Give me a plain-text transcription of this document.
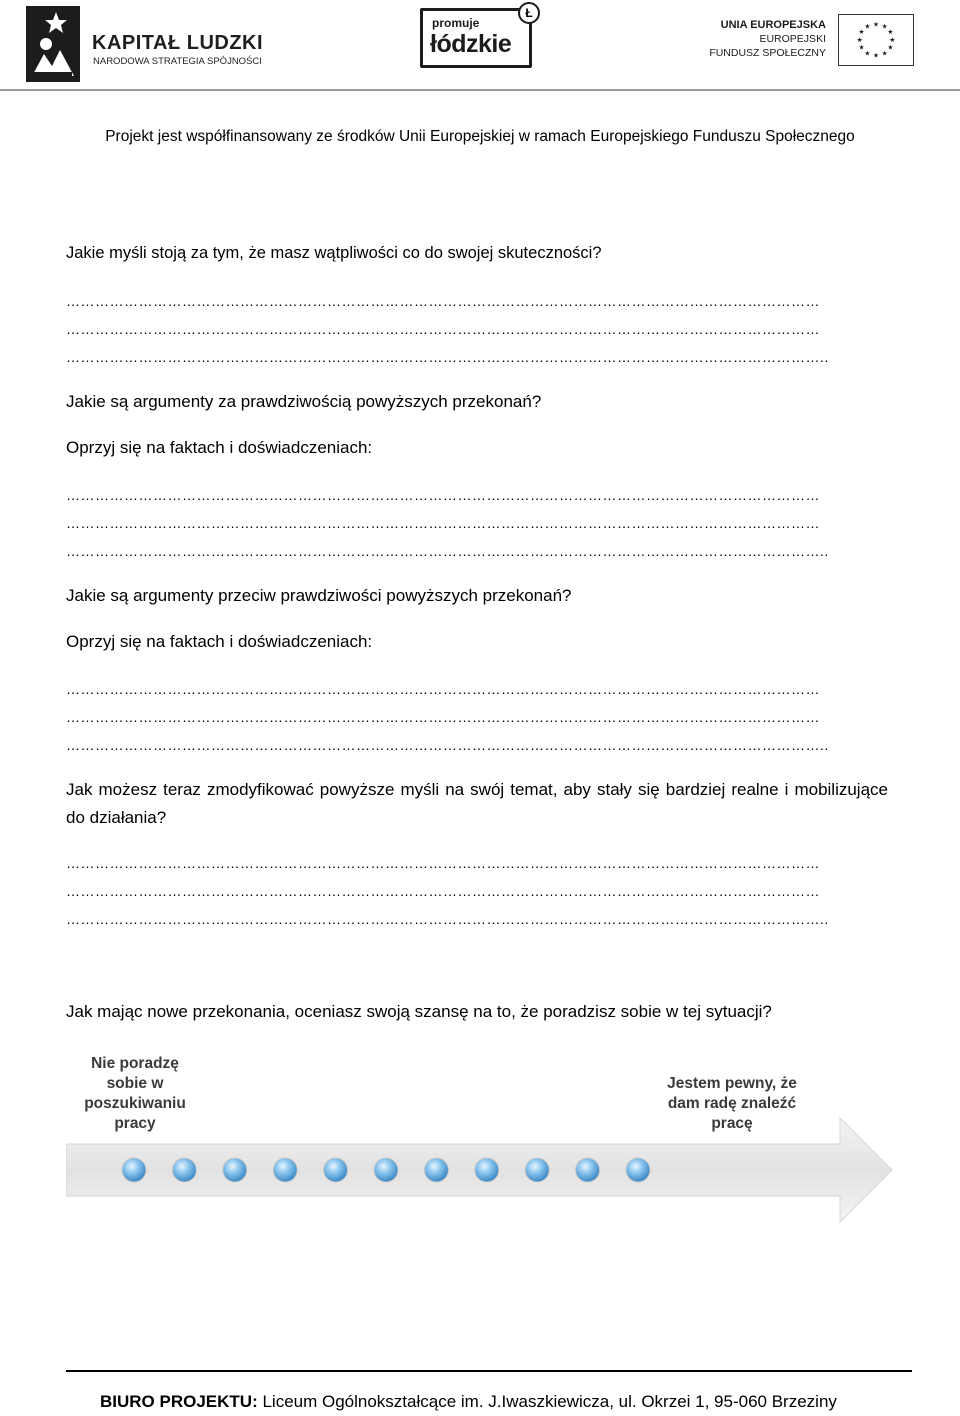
KAPITAŁ LUDZKI
NARODOWA STRATEGIA SPÓJNOŚCI
promuje
łódzkie
Ł
UNIA EUROPEJSKA
EUROPEJSKI
FUNDUSZ SPOŁECZNY
★ ★
★
★
★
★
★
★
★
★
★
★
Projekt jest współfinansowany ze środków Unii Europejskiej w ramach Europejskiego Funduszu Społecznego
Jakie myśli stoją za tym, że masz wątpliwości co do swojej skuteczności?
…………………………………………………………………………………………………………………………………………
…………………………………………………………………………………………………………………………………………
…………………………………………………………………………………………………………………………………………..
Jakie są argumenty za prawdziwością powyższych przekonań?
Oprzyj się na faktach i doświadczeniach:
…………………………………………………………………………………………………………………………………………
…………………………………………………………………………………………………………………………………………
…………………………………………………………………………………………………………………………………………..
Jakie są argumenty przeciw prawdziwości powyższych przekonań?
Oprzyj się na faktach i doświadczeniach:
…………………………………………………………………………………………………………………………………………
…………………………………………………………………………………………………………………………………………
…………………………………………………………………………………………………………………………………………..
Jak możesz teraz zmodyfikować powyższe myśli na swój temat, aby stały się bardziej realne i mobilizujące do działania?
…………………………………………………………………………………………………………………………………………
…………………………………………………………………………………………………………………………………………
…………………………………………………………………………………………………………………………………………..
Jak mając nowe przekonania, oceniasz swoją szansę na to, że poradzisz sobie w tej sytuacji?
Nie poradzę sobie w poszukiwaniu pracy
Jestem pewny, że dam radę znaleźć pracę
BIURO PROJEKTU: Liceum Ogólnokształcące im. J.Iwaszkiewicza, ul. Okrzei 1, 95-060 Brzeziny
